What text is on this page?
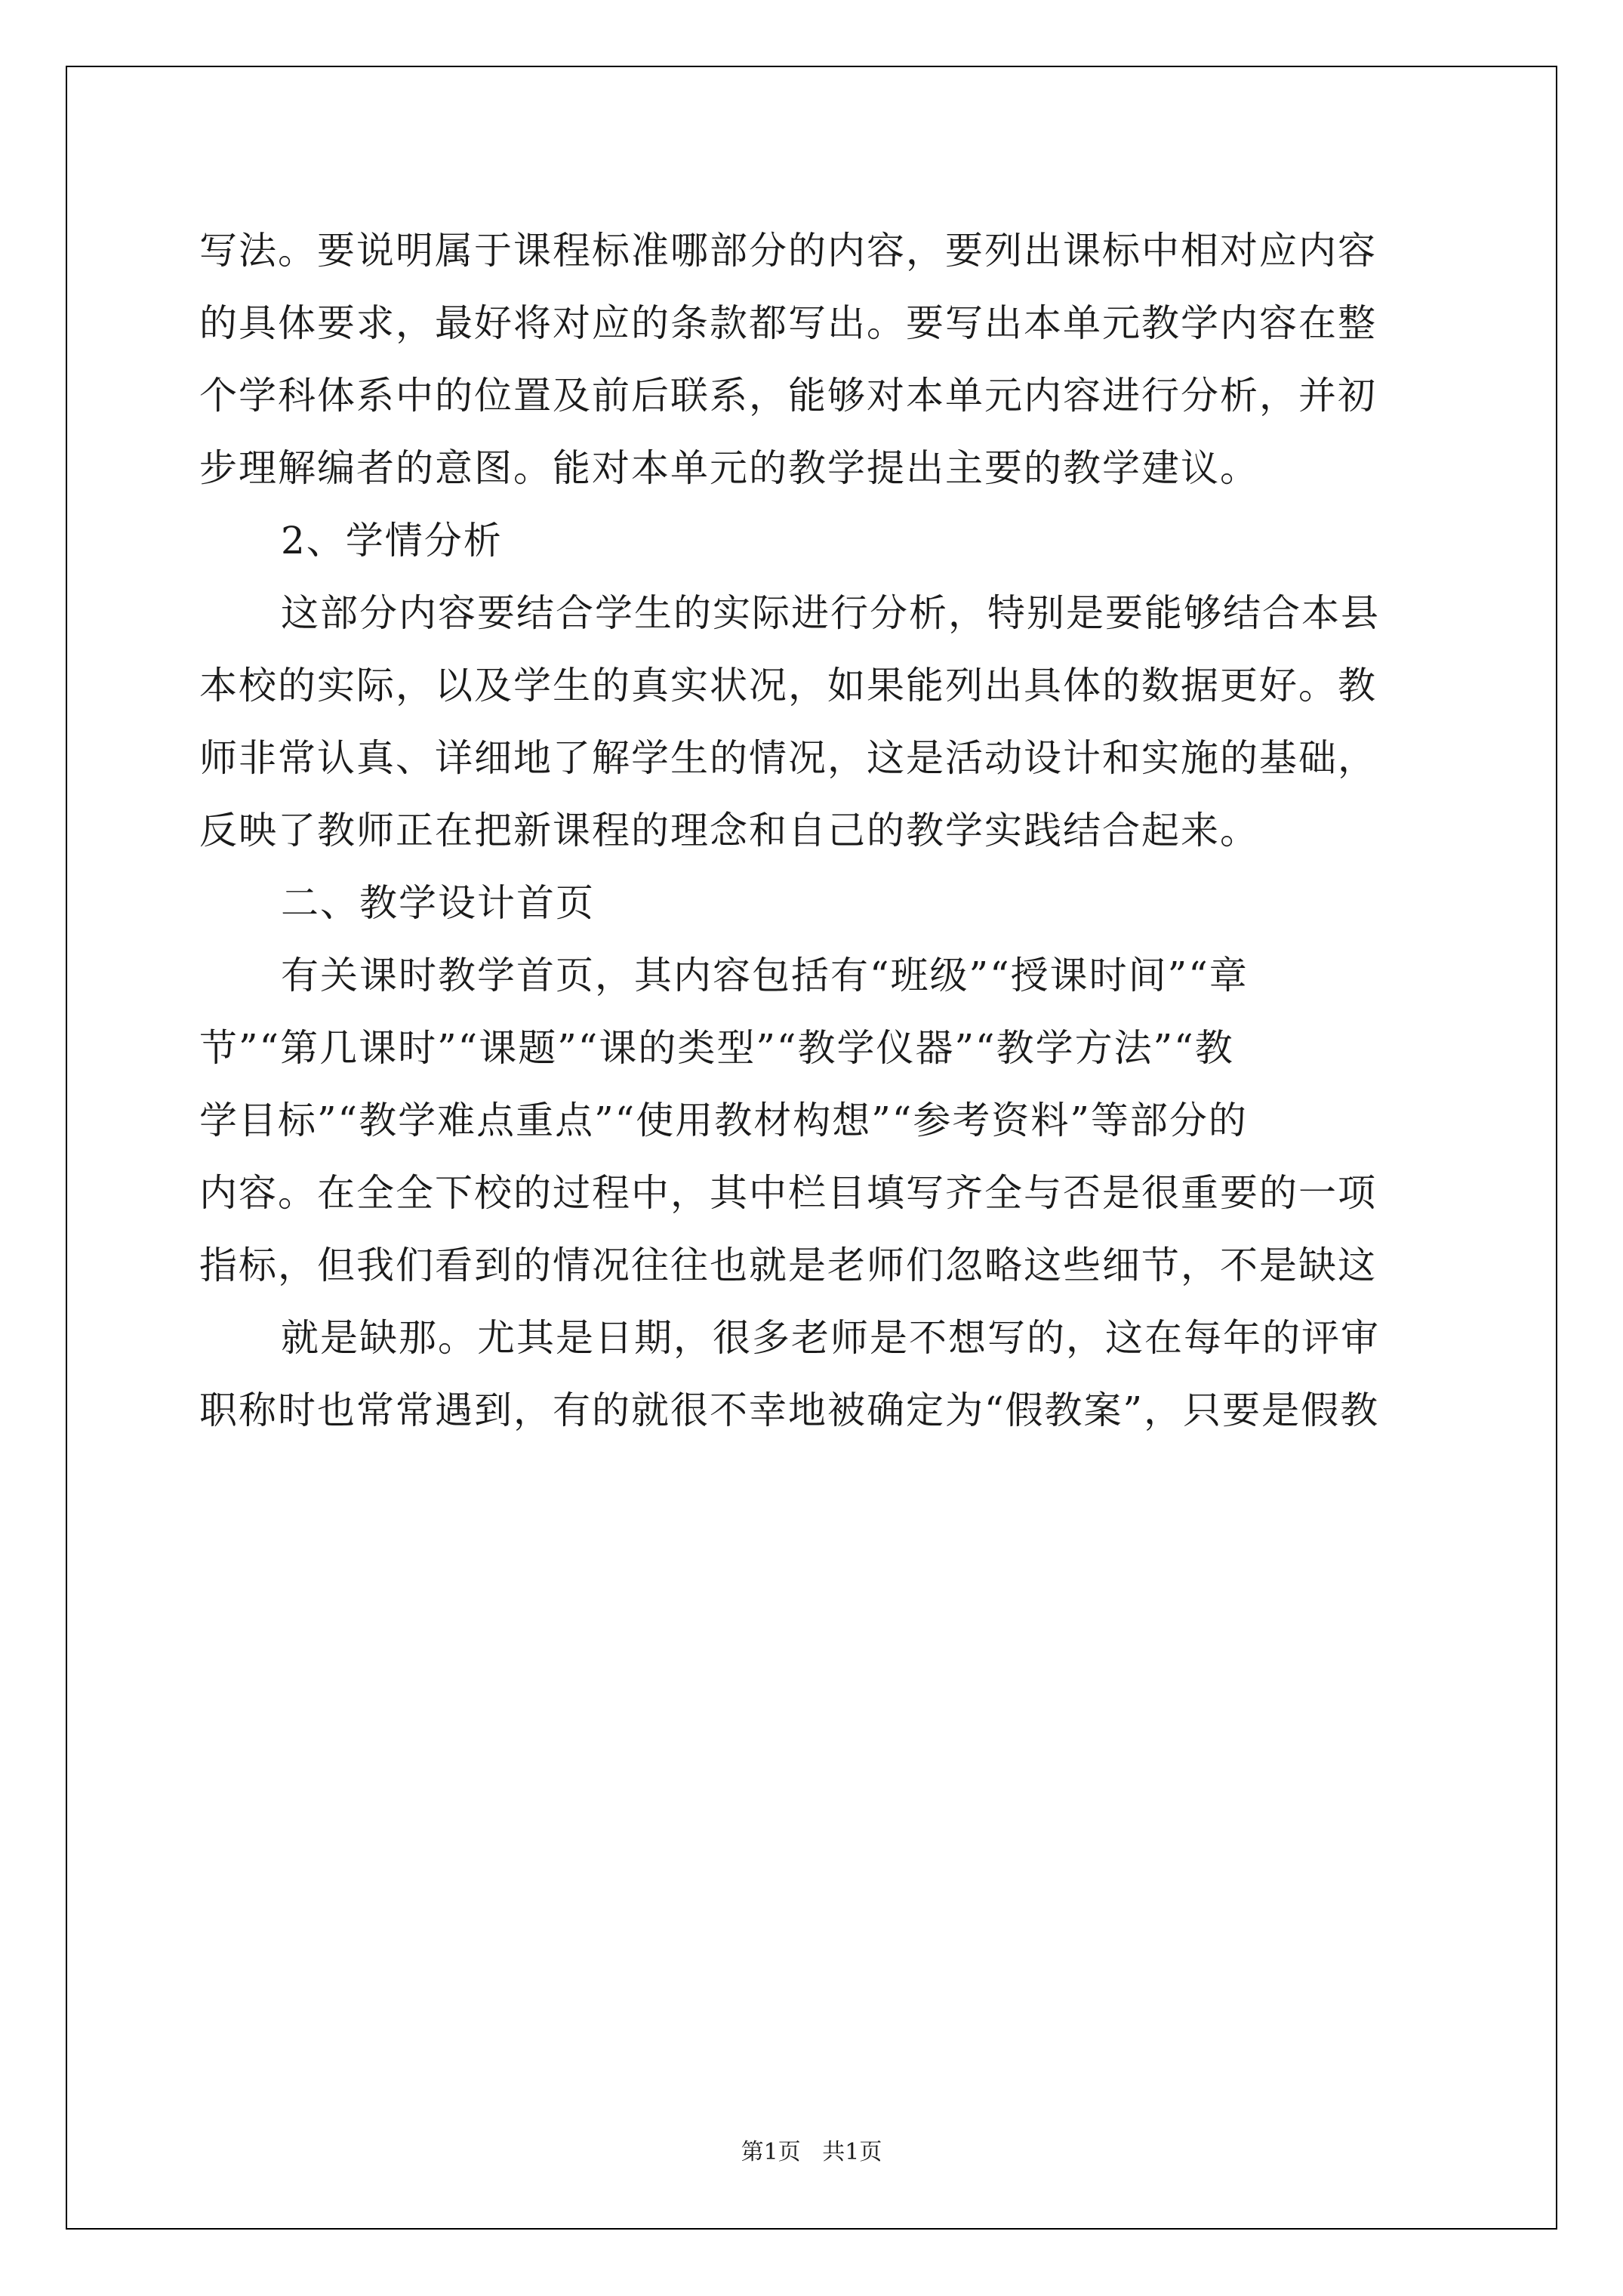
写法。要说明属于课程标准哪部分的内容，要列出课标中相对应内容
的具体要求，最好将对应的条款都写出。要写出本单元教学内容在整
个学科体系中的位置及前后联系，能够对本单元内容进行分析，并初
步理解编者的意图。能对本单元的教学提出主要的教学建议。
2、学情分析
这部分内容要结合学生的实际进行分析，特别是要能够结合本县
本校的实际，以及学生的真实状况，如果能列出具体的数据更好。教
师非常认真、详细地了解学生的情况，这是活动设计和实施的基础，
反映了教师正在把新课程的理念和自己的教学实践结合起来。
二、教学设计首页
有关课时教学首页，其内容包括有“班级”“授课时间”“章
节”“第几课时”“课题”“课的类型”“教学仪器”“教学方法”“教
学目标”“教学难点重点”“使用教材构想”“参考资料”等部分的
内容。在全全下校的过程中，其中栏目填写齐全与否是很重要的一项
指标，但我们看到的情况往往也就是老师们忽略这些细节，不是缺这
就是缺那。尤其是日期，很多老师是不想写的，这在每年的评审
职称时也常常遇到，有的就很不幸地被确定为“假教案”，只要是假教
第1页 共1页
